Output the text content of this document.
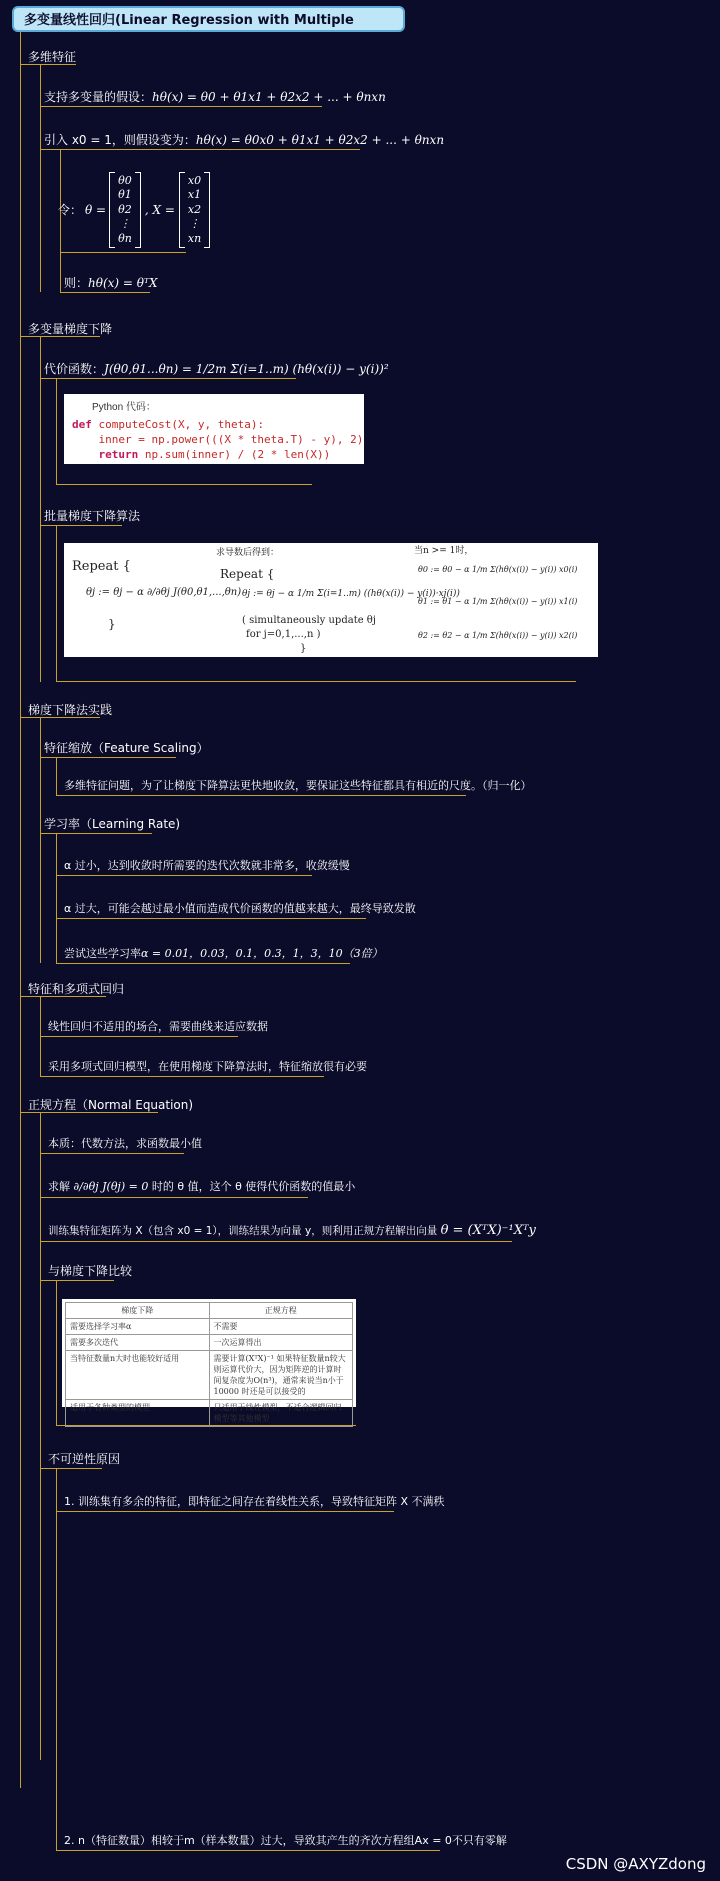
多变量线性回归(Linear Regression with Multiple Variables)
多维特征
支持多变量的假设：hθ(x) = θ0 + θ1x1 + θ2x2 + ... + θnxn
引入 x0 = 1，则假设变为：hθ(x) = θ0x0 + θ1x1 + θ2x2 + ... + θnxn
令： θ =
θ0
θ1
θ2
⋮
θn
, X =
x0
x1
x2
⋮
xn
则：hθ(x) = θᵀX
多变量梯度下降
代价函数：J(θ0,θ1...θn) = 1/2m Σ(i=1..m) (hθ(x(i)) − y(i))²
Python 代码：
def computeCost(X, y, theta):
inner = np.power(((X * theta.T) - y), 2)
return np.sum(inner) / (2 * len(X))
批量梯度下降算法
Repeat {
θj := θj − α ∂/∂θj J(θ0,θ1,...,θn)
}
求导数后得到：
Repeat {
θj := θj − α 1/m Σ(i=1..m) ((hθ(x(i)) − y(i))·xj(i))
( simultaneously update θj
for j=0,1,...,n )
}
当n >= 1时，
θ0 := θ0 − α 1/m Σ(hθ(x(i)) − y(i)) x0(i)
θ1 := θ1 − α 1/m Σ(hθ(x(i)) − y(i)) x1(i)
θ2 := θ2 − α 1/m Σ(hθ(x(i)) − y(i)) x2(i)
梯度下降法实践
特征缩放（Feature Scaling）
多维特征问题，为了让梯度下降算法更快地收敛，要保证这些特征都具有相近的尺度。（归一化）
学习率（Learning Rate)
α 过小，达到收敛时所需要的迭代次数就非常多，收敛缓慢
α 过大，可能会越过最小值而造成代价函数的值越来越大，最终导致发散
尝试这些学习率α = 0.01，0.03，0.1，0.3，1，3，10（3倍）
特征和多项式回归
线性回归不适用的场合，需要曲线来适应数据
采用多项式回归模型，在使用梯度下降算法时，特征缩放很有必要
正规方程（Normal Equation)
本质：代数方法，求函数最小值
求解 ∂/∂θj J(θj) = 0 时的 θ 值，这个 θ 使得代价函数的值最小
训练集特征矩阵为 X（包含 x0 = 1），训练结果为向量 y，则利用正规方程解出向量 θ = (XᵀX)⁻¹Xᵀy
与梯度下降比较
梯度下降	正规方程
需要选择学习率α	不需要
需要多次迭代	一次运算得出
当特征数量n大时也能较好适用	需要计算(XᵀX)⁻¹ 如果特征数量n较大则运算代价大，因为矩阵逆的计算时间复杂度为O(n³)，通常来说当n小于 10000 时还是可以接受的
适用于各种类型的模型	只适用于线性模型，不适合逻辑回归模型等其他模型
不可逆性原因
1. 训练集有多余的特征，即特征之间存在着线性关系，导致特征矩阵 X 不满秩
2. n（特征数量）相较于m（样本数量）过大，导致其产生的齐次方程组Ax = 0不只有零解
CSDN @AXYZdong
